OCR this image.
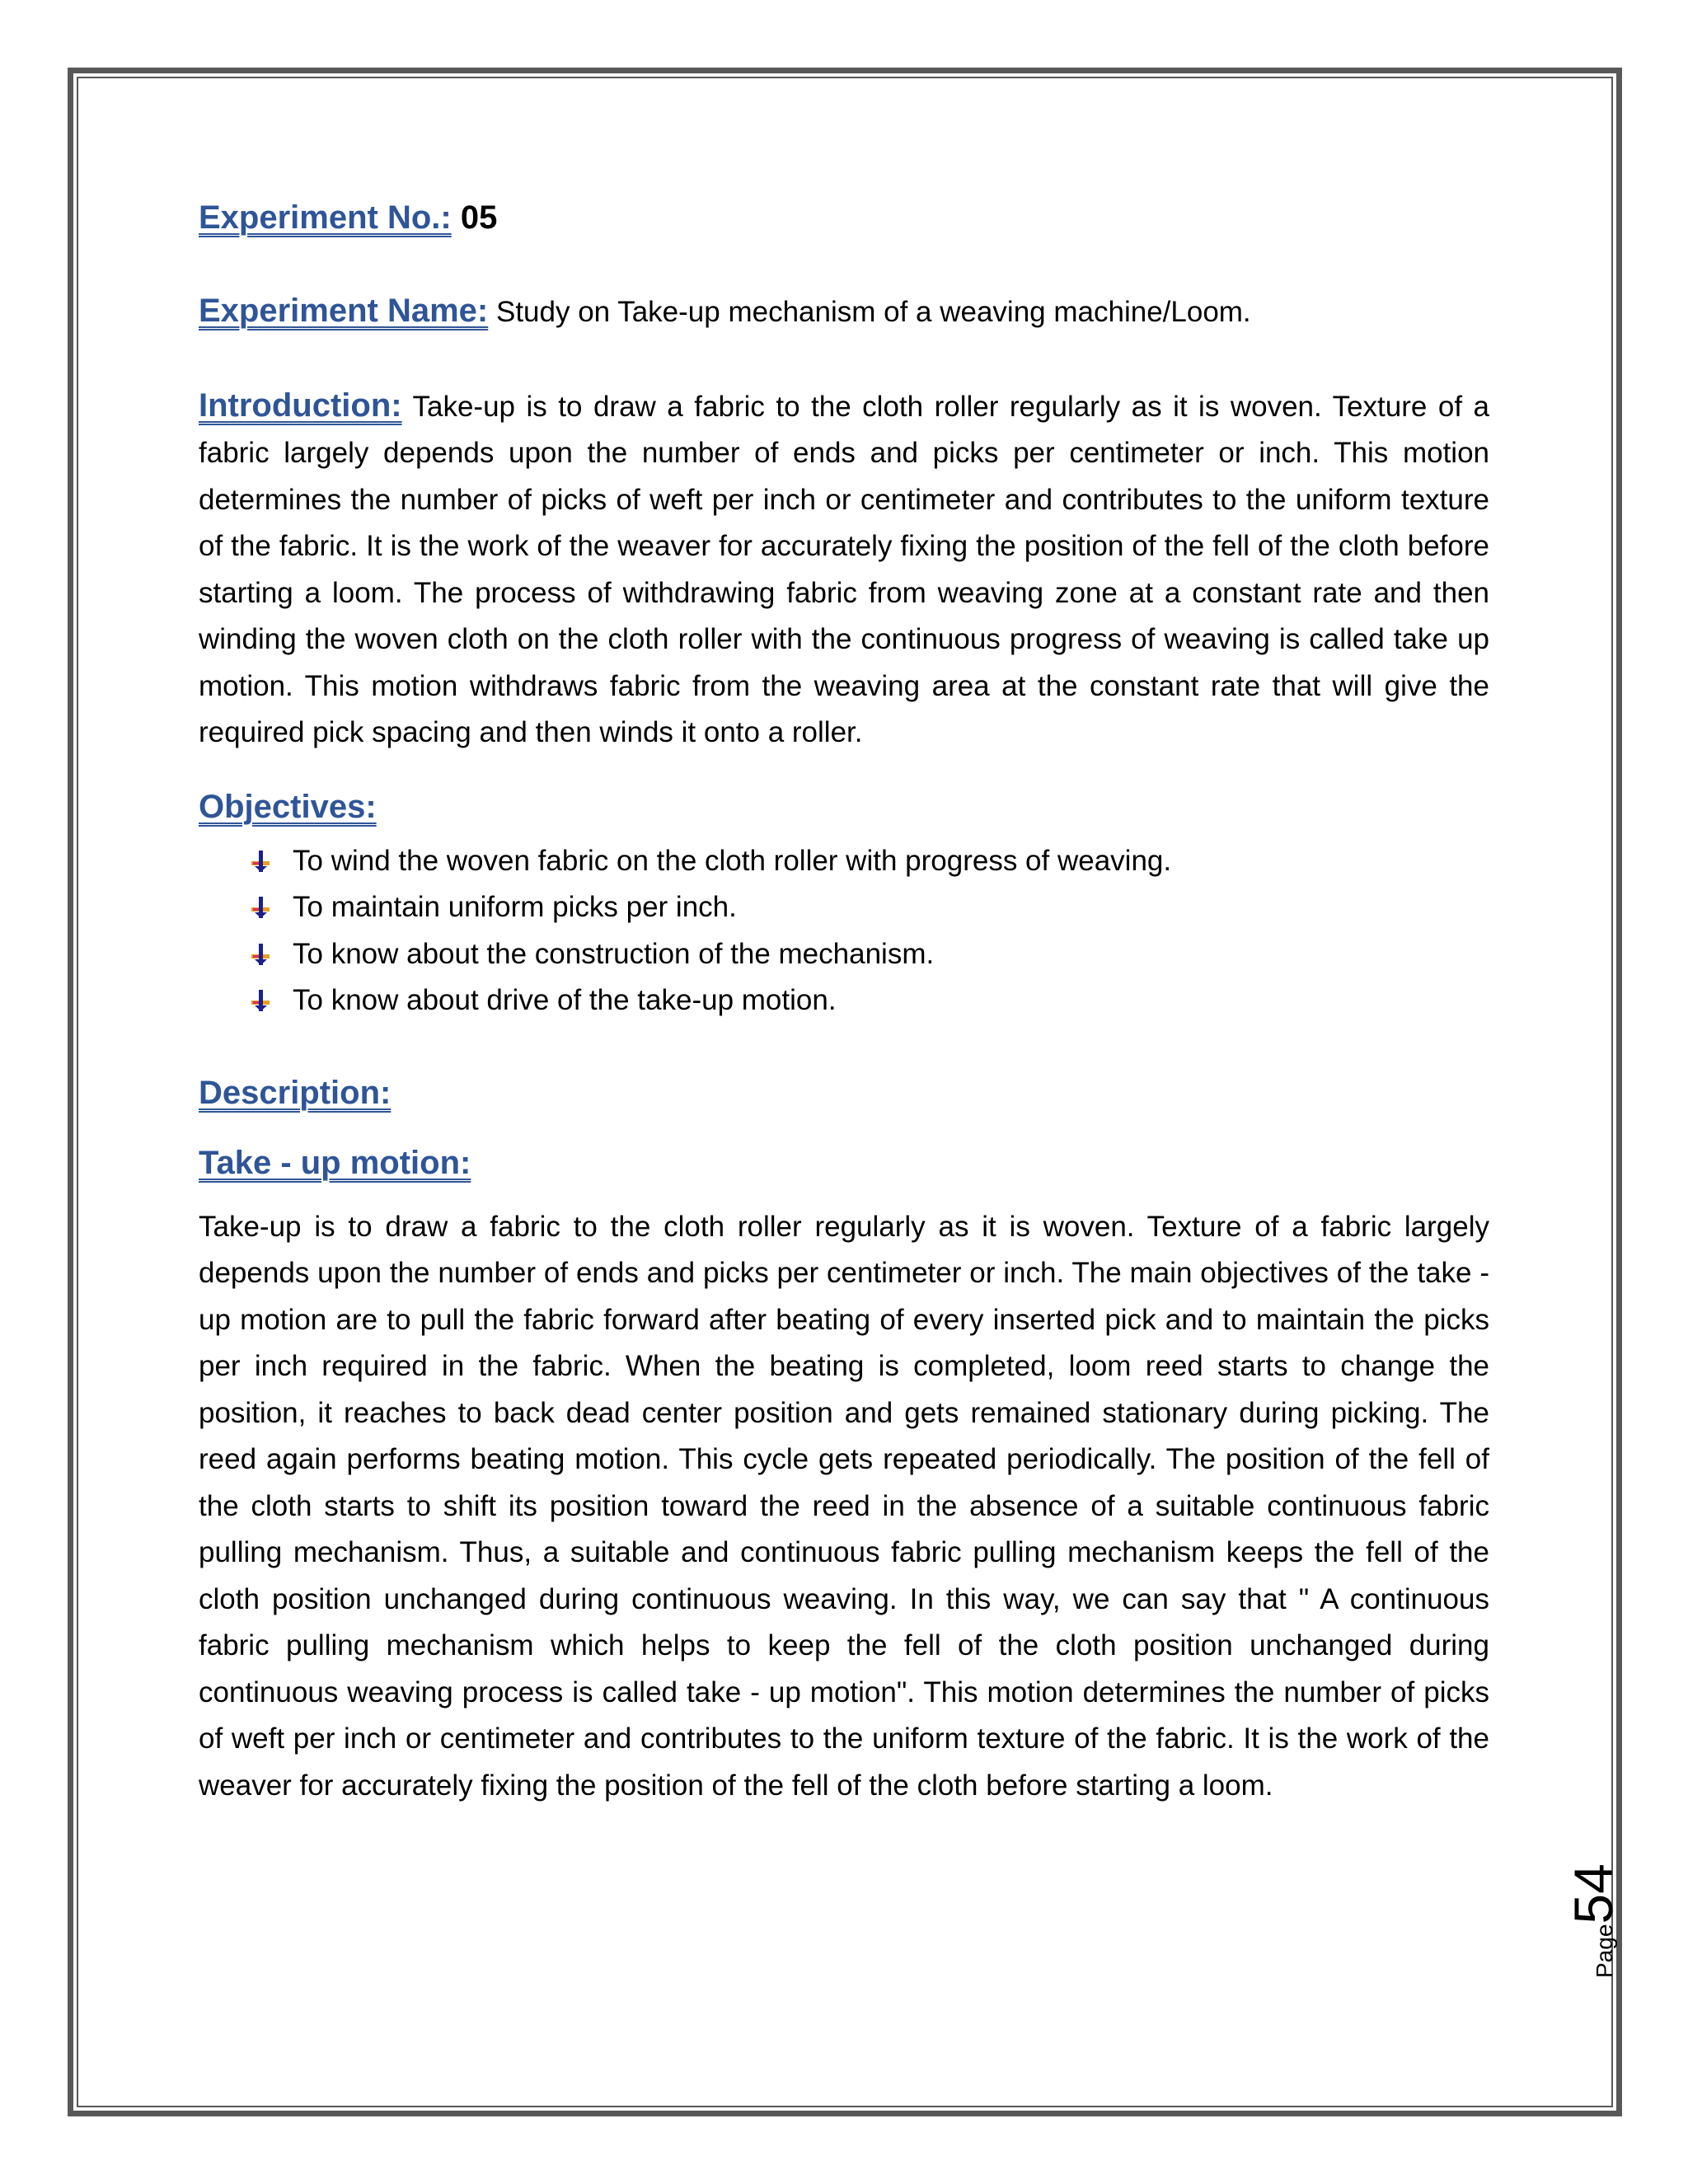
Experiment No.: 05
Experiment Name: Study on Take-up mechanism of a weaving machine/Loom.
Introduction: Take-up is to draw a fabric to the cloth roller regularly as it is woven. Texture of a fabric largely depends upon the number of ends and picks per centimeter or inch. This motion determines the number of picks of weft per inch or centimeter and contributes to the uniform texture of the fabric. It is the work of the weaver for accurately fixing the position of the fell of the cloth before starting a loom. The process of withdrawing fabric from weaving zone at a constant rate and then winding the woven cloth on the cloth roller with the continuous progress of weaving is called take up motion. This motion withdraws fabric from the weaving area at the constant rate that will give the required pick spacing and then winds it onto a roller.
Objectives:
To wind the woven fabric on the cloth roller with progress of weaving.
To maintain uniform picks per inch.
To know about the construction of the mechanism.
To know about drive of the take-up motion.
Description:
Take - up motion:
Take-up is to draw a fabric to the cloth roller regularly as it is woven. Texture of a fabric largely depends upon the number of ends and picks per centimeter or inch. The main objectives of the take - up motion are to pull the fabric forward after beating of every inserted pick and to maintain the picks per inch required in the fabric. When the beating is completed, loom reed starts to change the position, it reaches to back dead center position and gets remained stationary during picking. The reed again performs beating motion. This cycle gets repeated periodically. The position of the fell of the cloth starts to shift its position toward the reed in the absence of a suitable continuous fabric pulling mechanism. Thus, a suitable and continuous fabric pulling mechanism keeps the fell of the cloth position unchanged during continuous weaving. In this way, we can say that " A continuous fabric pulling mechanism which helps to keep the fell of the cloth position unchanged during continuous weaving process is called take - up motion". This motion determines the number of picks of weft per inch or centimeter and contributes to the uniform texture of the fabric. It is the work of the weaver for accurately fixing the position of the fell of the cloth before starting a loom.
Page
54
